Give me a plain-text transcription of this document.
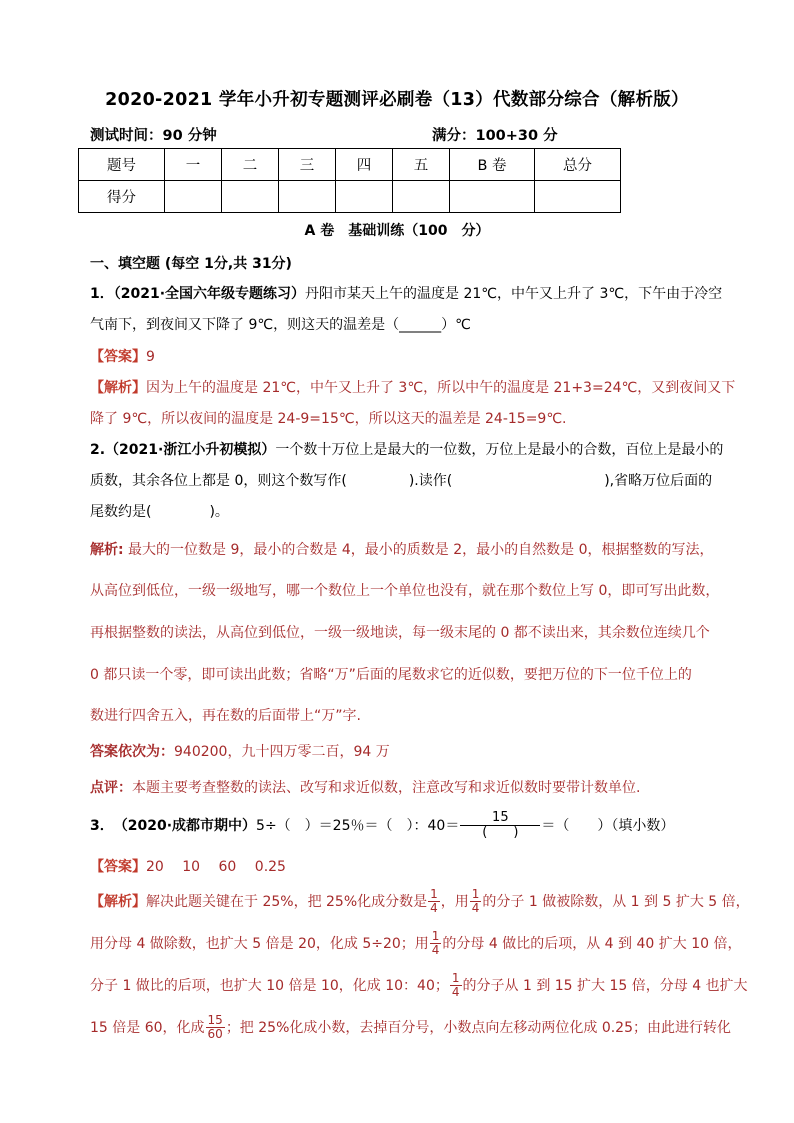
2020-2021 学年小升初专题测评必刷卷（13）代数部分综合（解析版）
测试时间：90 分钟	满分：100+30 分
题号	一	二	三	四	五	B 卷	总分
得分							
A 卷　基础训练（100　分）
一、填空题 (每空 1分,共 31分)
1．（2021·全国六年级专题练习）丹阳市某天上午的温度是 21℃，中午又上升了 3℃，下午由于冷空
气南下，到夜间又下降了 9℃，则这天的温差是（______）℃
【答案】9
【解析】因为上午的温度是 21℃，中午又上升了 3℃，所以中午的温度是 21+3=24℃，又到夜间又下
降了 9℃，所以夜间的温度是 24-9=15℃，所以这天的温差是 24-15=9℃.
2.（2021·浙江小升初模拟）一个数十万位上是最大的一位数，万位上是最小的合数，百位上是最小的
质数，其余各位上都是 0，则这个数写作(	).读作(	),省略万位后面的
尾数约是(	)。
解析: 最大的一位数是 9，最小的合数是 4，最小的质数是 2，最小的自然数是 0，根据整数的写法，
从高位到低位，一级一级地写，哪一个数位上一个单位也没有，就在那个数位上写 0，即可写出此数，
再根据整数的读法，从高位到低位，一级一级地读，每一级末尾的 0 都不读出来，其余数位连续几个
0 都只读一个零，即可读出此数；省略“万”后面的尾数求它的近似数，要把万位的下一位千位上的
数进行四舍五入，再在数的后面带上“万”字.
答案依次为：940200，九十四万零二百，94 万
点评：本题主要考查整数的读法、改写和求近似数，注意改写和求近似数时要带计数单位.
3． （2020·成都市期中） 5÷（　）＝25％＝（　）：$40= \frac{15}{( )}$ ＝（　　）（填小数）
【答案】20　 10　 60　 0.25
【解析】 解决此题关键在于 25%，把 25%化成分数是 $\frac{1}{4}$ ，用 $\frac{1}{4}$ 的分子 1 做被除数，从 1 到 5 扩大 5 倍，
用分母 4 做除数，也扩大 5 倍是 20，化成 5÷20；用 $\frac{1}{4}$ 的分母 4 做比的后项，从 4 到 40 扩大 10 倍，
分子 1 做比的后项，也扩大 10 倍是 10，化成 10：40； $\frac{1}{4}$ 的分子从 1 到 15 扩大 15 倍，分母 4 也扩大
15 倍是 60，化成 $\frac{15}{60}$ ；把 25%化成小数，去掉百分号，小数点向左移动两位化成 0.25；由此进行转化
